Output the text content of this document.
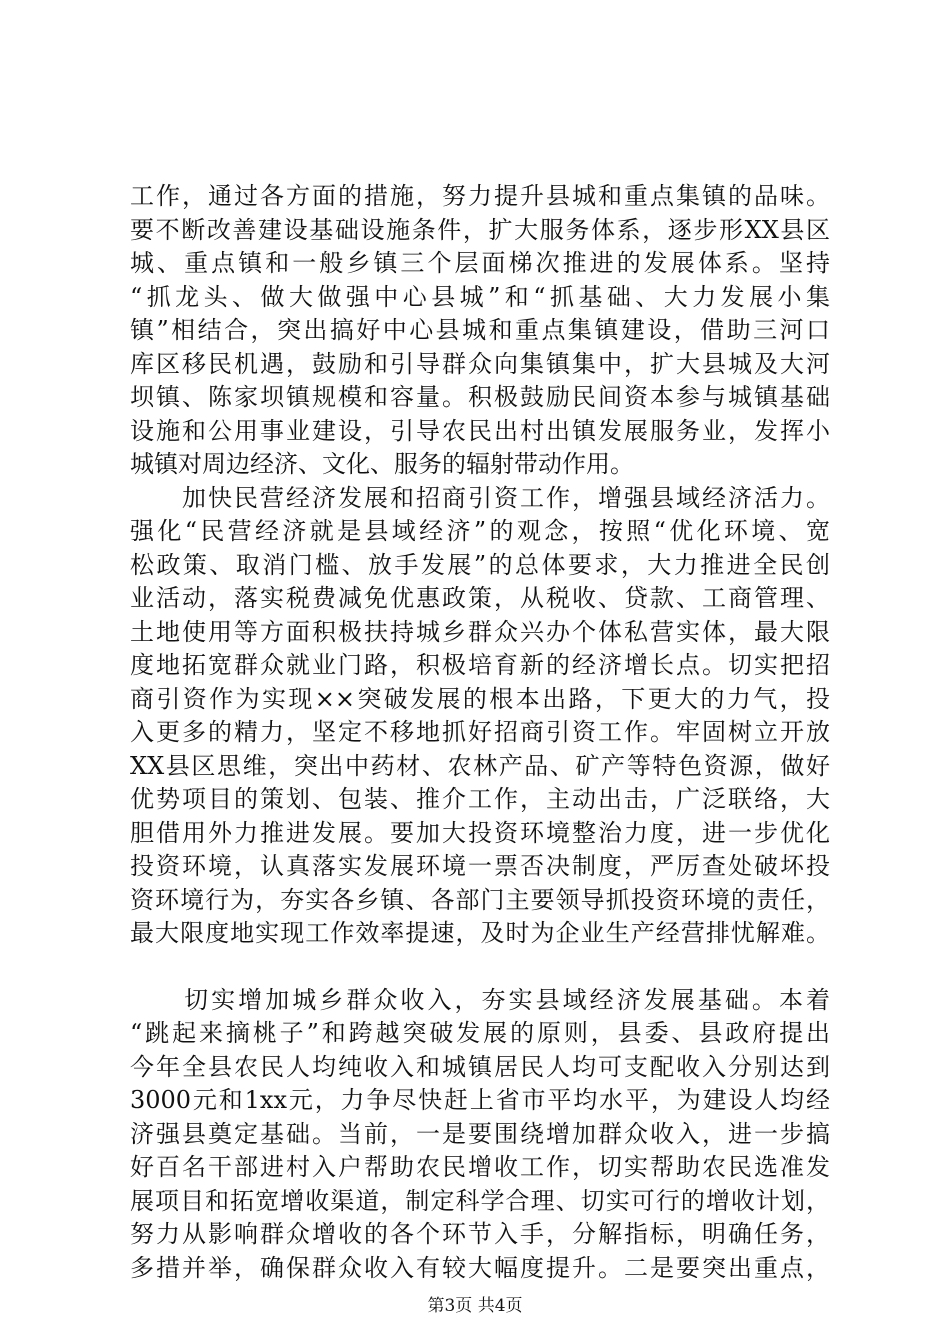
工作，通过各方面的措施，努力提升县城和重点集镇的品味。
要不断改善建设基础设施条件，扩大服务体系，逐步形XX县区
城、重点镇和一般乡镇三个层面梯次推进的发展体系。坚持
“抓龙头、做大做强中心县城”和“抓基础、大力发展小集
镇”相结合，突出搞好中心县城和重点集镇建设，借助三河口
库区移民机遇，鼓励和引导群众向集镇集中，扩大县城及大河
坝镇、陈家坝镇规模和容量。积极鼓励民间资本参与城镇基础
设施和公用事业建设，引导农民出村出镇发展服务业，发挥小
城镇对周边经济、文化、服务的辐射带动作用。
　　加快民营经济发展和招商引资工作，增强县域经济活力。
强化“民营经济就是县域经济”的观念，按照“优化环境、宽
松政策、取消门槛、放手发展”的总体要求，大力推进全民创
业活动，落实税费减免优惠政策，从税收、贷款、工商管理、
土地使用等方面积极扶持城乡群众兴办个体私营实体，最大限
度地拓宽群众就业门路，积极培育新的经济增长点。切实把招
商引资作为实现××突破发展的根本出路，下更大的力气，投
入更多的精力，坚定不移地抓好招商引资工作。牢固树立开放
XX县区思维，突出中药材、农林产品、矿产等特色资源，做好
优势项目的策划、包装、推介工作，主动出击，广泛联络，大
胆借用外力推进发展。要加大投资环境整治力度，进一步优化
投资环境，认真落实发展环境一票否决制度，严厉查处破坏投
资环境行为，夯实各乡镇、各部门主要领导抓投资环境的责任，
最大限度地实现工作效率提速，及时为企业生产经营排忧解难。
　　切实增加城乡群众收入，夯实县域经济发展基础。本着
“跳起来摘桃子”和跨越突破发展的原则，县委、县政府提出
今年全县农民人均纯收入和城镇居民人均可支配收入分别达到
3000元和1xx元，力争尽快赶上省市平均水平，为建设人均经
济强县奠定基础。当前，一是要围绕增加群众收入，进一步搞
好百名干部进村入户帮助农民增收工作，切实帮助农民选准发
展项目和拓宽增收渠道，制定科学合理、切实可行的增收计划，
努力从影响群众增收的各个环节入手，分解指标，明确任务，
多措并举，确保群众收入有较大幅度提升。二是要突出重点，
第3页 共4页
